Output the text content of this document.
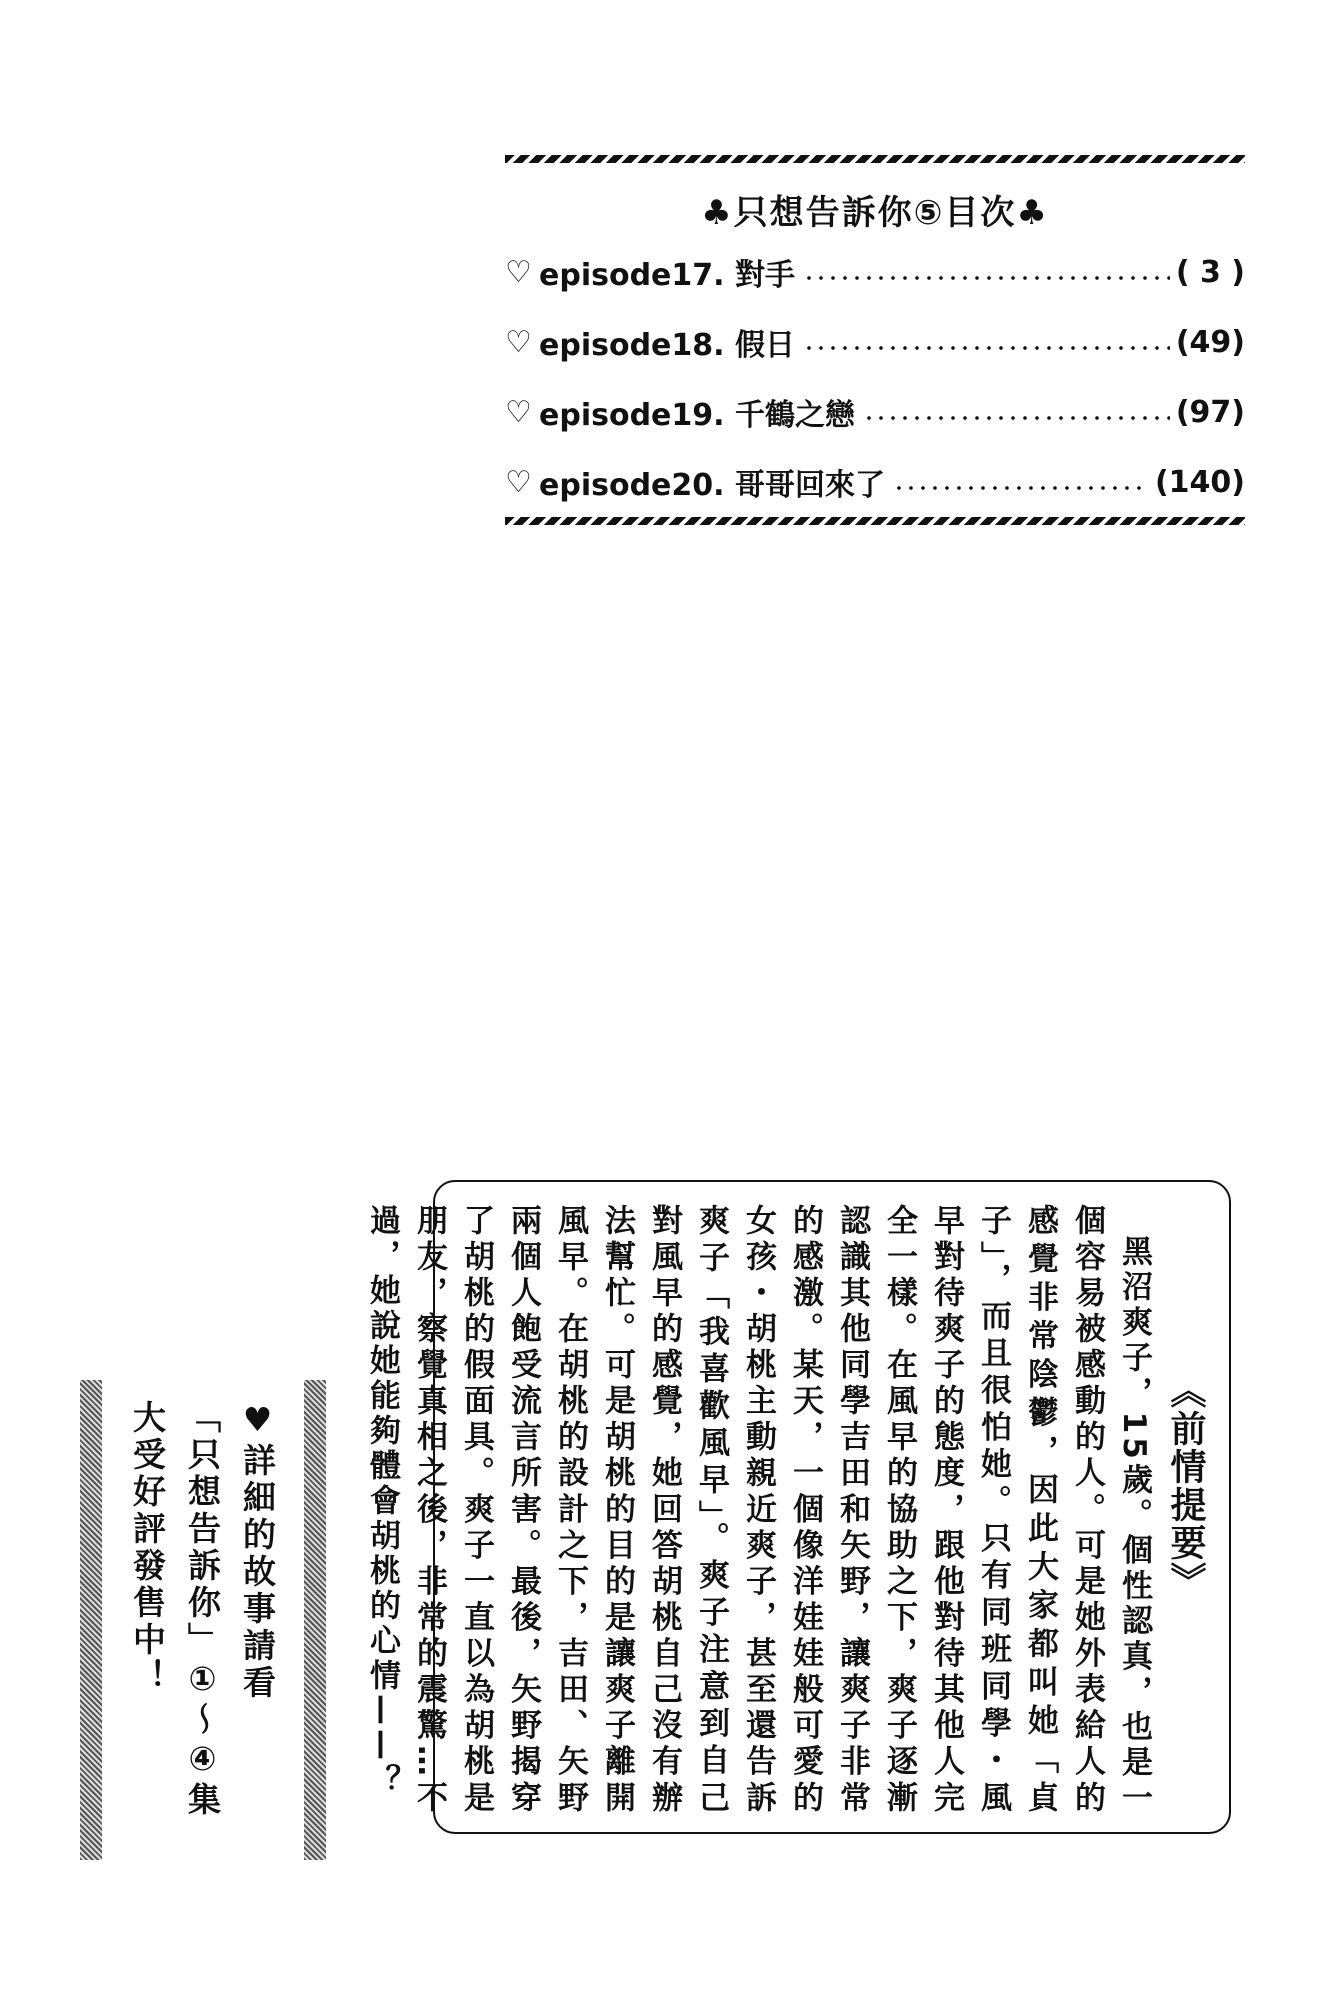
♣只想告訴你⑤目次♣
♡ episode17. 對手	( 3 )
♡ episode18. 假日	(49)
♡ episode19. 千鶴之戀	(97)
♡ episode20. 哥哥回來了	(140)
《前情提要》
黑沼爽子，15歲。個性認真，也是一個容易被感動的人。可是她外表給人的感覺非常陰鬱，因此大家都叫她「貞子」，而且很怕她。只有同班同學・風早對待爽子的態度，跟他對待其他人完全一樣。在風早的協助之下，爽子逐漸認識其他同學吉田和矢野，讓爽子非常的感激。某天，一個像洋娃娃般可愛的女孩・胡桃主動親近爽子，甚至還告訴爽子「我喜歡風早」。爽子注意到自己對風早的感覺，她回答胡桃自己沒有辦法幫忙。可是胡桃的目的是讓爽子離開風早。在胡桃的設計之下，吉田、矢野兩個人飽受流言所害。最後，矢野揭穿了胡桃的假面具。爽子一直以為胡桃是朋友，察覺真相之後，非常的震驚…不過，她說她能夠體會胡桃的心情——？
♥詳細的故事請看
「只想告訴你」①～④集
大受好評發售中！
